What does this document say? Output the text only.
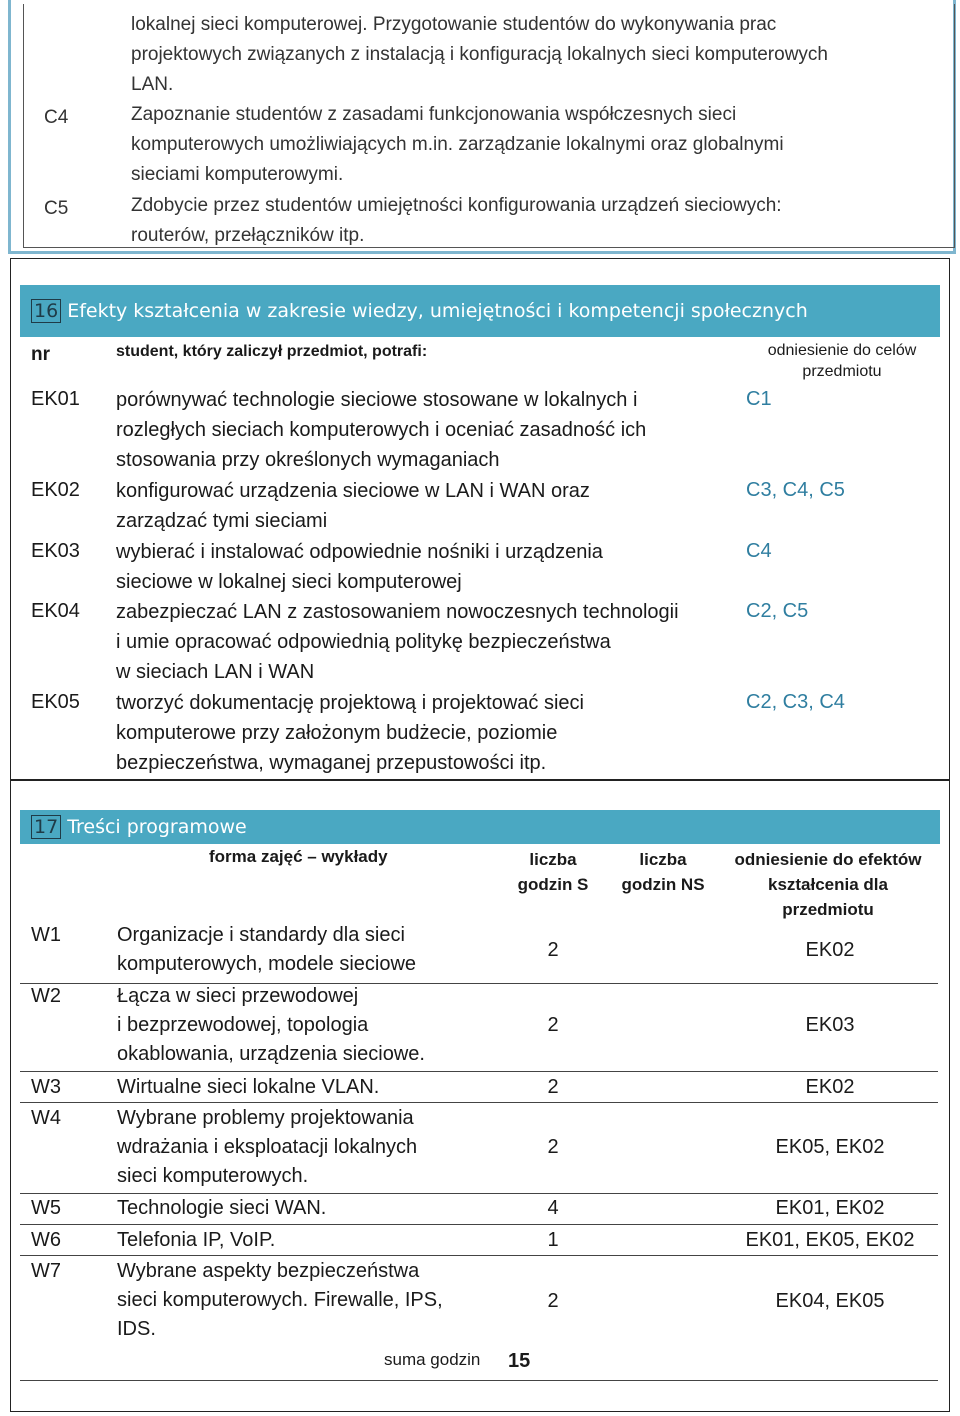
lokalnej sieci komputerowej. Przygotowanie studentów do wykonywania prac
projektowych związanych z instalacją i konfiguracją lokalnych sieci komputerowych
LAN.
C4	Zapoznanie studentów z zasadami funkcjonowania współczesnych sieci
komputerowych umożliwiających m.in. zarządzanie lokalnymi oraz globalnymi
sieciami komputerowymi.
C5	Zdobycie przez studentów umiejętności konfigurowania urządzeń sieciowych:
routerów, przełączników itp.
16 Efekty kształcenia w zakresie wiedzy, umiejętności i kompetencji społecznych
nr	student, który zaliczył przedmiot, potrafi:	odniesienie do celów
przedmiotu
EK01 porównywać technologie sieciowe stosowane w lokalnych i
rozległych sieciach komputerowych i oceniać zasadność ich
stosowania przy określonych wymaganiach
C1
EK02 konfigurować urządzenia sieciowe w LAN i WAN oraz
zarządzać tymi sieciami
C3, C4, C5
EK03 wybierać i instalować odpowiednie nośniki i urządzenia
sieciowe w lokalnej sieci komputerowej
C4
EK04 zabezpieczać LAN z zastosowaniem nowoczesnych technologii
i umie opracować odpowiednią politykę bezpieczeństwa
w sieciach LAN i WAN
C2, C5
EK05 tworzyć dokumentację projektową i projektować sieci
komputerowe przy założonym budżecie, poziomie
bezpieczeństwa, wymaganej przepustowości itp.
C2, C3, C4
17 Treści programowe
forma zajęć – wykłady	liczba
godzin S
liczba
godzin NS
odniesienie do efektów
kształcenia dla
przedmiotu
W1	Organizacje i standardy dla sieci
komputerowych, modele sieciowe
2	EK02
W2	Łącza w sieci przewodowej
i bezprzewodowej, topologia
okablowania, urządzenia sieciowe.
2	EK03
W3	Wirtualne sieci lokalne VLAN.	2	EK02
W4	Wybrane problemy projektowania
wdrażania i eksploatacji lokalnych
sieci komputerowych.
2	EK05, EK02
W5	Technologie sieci WAN.	4	EK01, EK02
W6	Telefonia IP, VoIP.	1	EK01, EK05, EK02
W7	Wybrane aspekty bezpieczeństwa
sieci komputerowych. Firewalle, IPS,
IDS.
2	EK04, EK05
suma godzin 15
